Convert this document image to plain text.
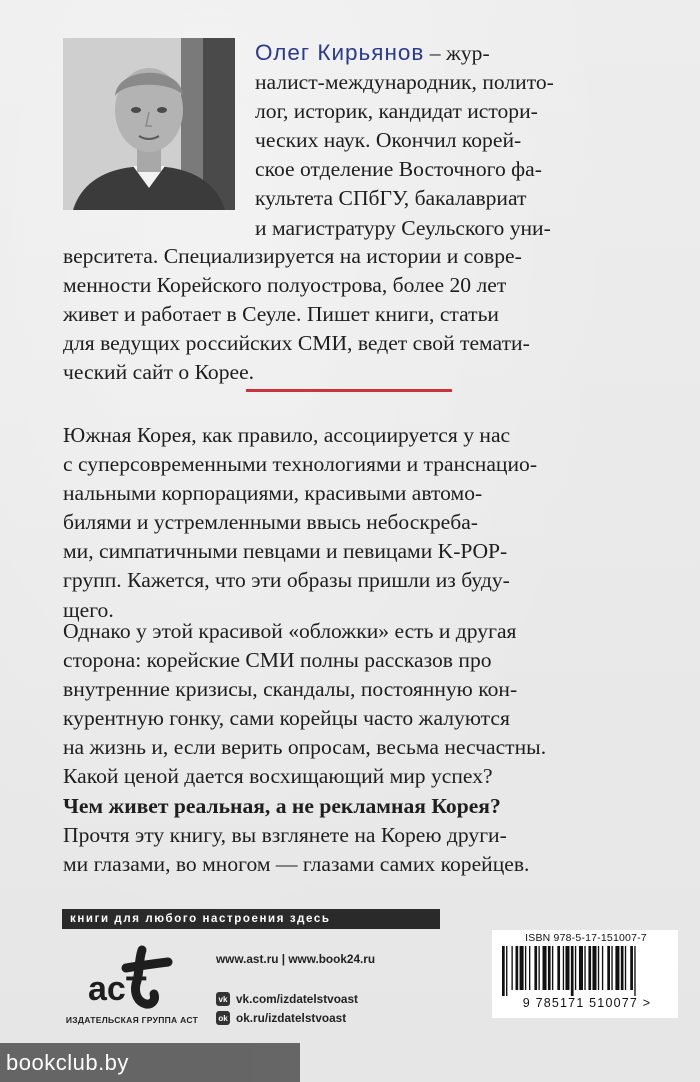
Олег Кирьянов – жур-
налист-международник, полито-
лог, историк, кандидат истори-
ческих наук. Окончил корей-
ское отделение Восточного фа-
культета СПбГУ, бакалавриат
и магистратуру Сеульского уни-
верситета. Специализируется на истории и совре-
менности Корейского полуострова, более 20 лет
живет и работает в Сеуле. Пишет книги, статьи
для ведущих российских СМИ, ведет свой темати-
ческий сайт о Корее.
Южная Корея, как правило, ассоциируется у нас
с суперсовременными технологиями и транснацио-
нальными корпорациями, красивыми автомо-
билями и устремленными ввысь небоскреба-
ми, симпатичными певцами и певицами K-POP-
групп. Кажется, что эти образы пришли из буду-
щего.
Однако у этой красивой «обложки» есть и другая
сторона: корейские СМИ полны рассказов про
внутренние кризисы, скандалы, постоянную кон-
курентную гонку, сами корейцы часто жалуются
на жизнь и, если верить опросам, весьма несчастны.
Какой ценой дается восхищающий мир успех?
Чем живет реальная, а не рекламная Корея?
Прочтя эту книгу, вы взглянете на Корею други-
ми глазами, во многом — глазами самих корейцев.
книги для любого настроения здесь
acT
ИЗДАТЕЛЬСКАЯ ГРУППА АСТ
www.ast.ru | www.book24.ru
vk vk.com/izdatelstvoast
ok ok.ru/izdatelstvoast
ISBN 978-5-17-151007-7
9 785171 510077 >
bookclub.by
